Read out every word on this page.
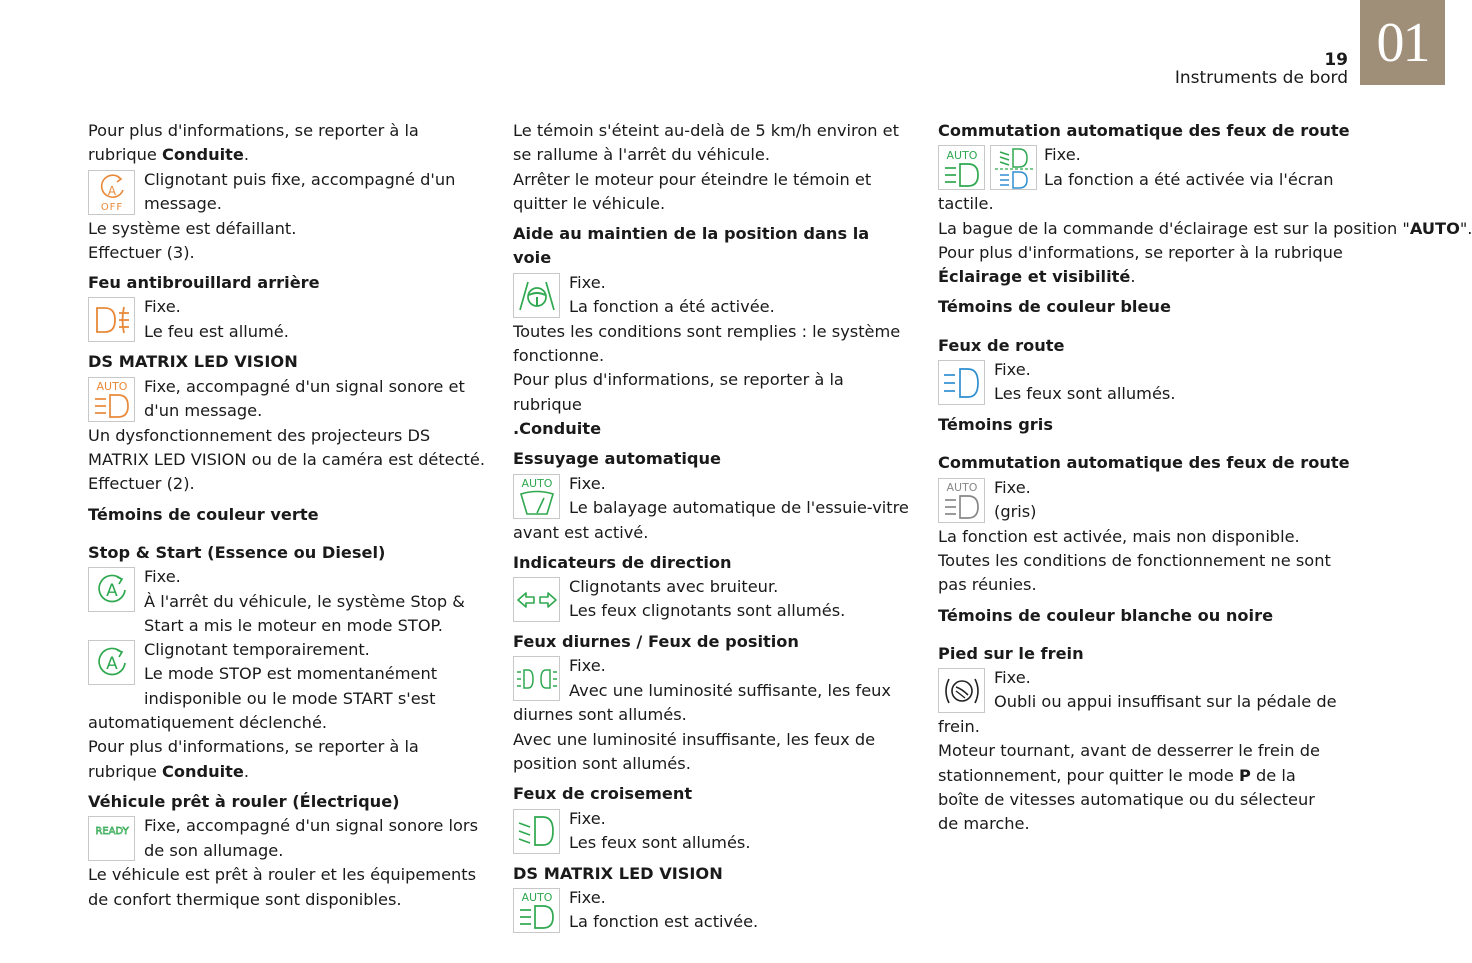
01
19
Instruments de bord

Pour plus d'informations, se reporter à la rubrique Conduite.

A
OFF

Clignotant puis fixe, accompagné d'un

message.

Le système est défaillant.

Effectuer (3).

Feu antibrouillard arrière

Fixe.

Le feu est allumé.

DS MATRIX LED VISION
AUTO	Fixe, accompagné d'un signal sonore et

d'un message.

Un dysfonctionnement des projecteurs DS MATRIX LED VISION ou de la caméra est détecté.

Effectuer (2).

Témoins de couleur verte
Stop & Start (Essence ou Diesel)
A

Fixe.

À l'arrêt du véhicule, le système Stop &

Start a mis le moteur en mode STOP.

A

Clignotant temporairement.

Le mode STOP est momentanément

indisponible ou le mode START s'est automatiquement déclenché.

Pour plus d'informations, se reporter à la rubrique Conduite.

Véhicule prêt à rouler (Électrique)
READY Fixe, accompagné d'un signal sonore lors

de son allumage.

Le véhicule est prêt à rouler et les équipements de confort thermique sont disponibles.

Le témoin s'éteint au-delà de 5 km/h environ et se rallume à l'arrêt du véhicule.

Arrêter le moteur pour éteindre le témoin et quitter le véhicule.

Aide au maintien de la position dans la voie

Fixe.

La fonction a été activée.

Toutes les conditions sont remplies : le système fonctionne.

Pour plus d'informations, se reporter à la rubrique
.Conduite

Essuyage automatique
AUTO	Fixe.

Le balayage automatique de l'essuie-vitre

avant est activé.

Indicateurs de direction

Clignotants avec bruiteur.

Les feux clignotants sont allumés.

Feux diurnes / Feux de position

Fixe.

Avec une luminosité suffisante, les feux

diurnes sont allumés.

Avec une luminosité insuffisante, les feux de position sont allumés.

Feux de croisement

Fixe.

Les feux sont allumés.

DS MATRIX LED VISION
AUTO	Fixe.

La fonction est activée.

Commutation automatique des feux de route
AUTO	Fixe.

La fonction a été activée via l'écran

tactile.

La bague de la commande d'éclairage est sur la position "AUTO".

Pour plus d'informations, se reporter à la rubrique
Éclairage et visibilité.

Témoins de couleur bleue
Feux de route

Fixe.

Les feux sont allumés.

Témoins gris
Commutation automatique des feux de route
AUTO	Fixe.

(gris)

La fonction est activée, mais non disponible.

Toutes les conditions de fonctionnement ne sont pas réunies.

Témoins de couleur blanche ou noire
Pied sur le frein

Fixe.

Oubli ou appui insuffisant sur la pédale de

frein.

Moteur tournant, avant de desserrer le frein de stationnement, pour quitter le mode P de la boîte de vitesses automatique ou du sélecteur de marche.
